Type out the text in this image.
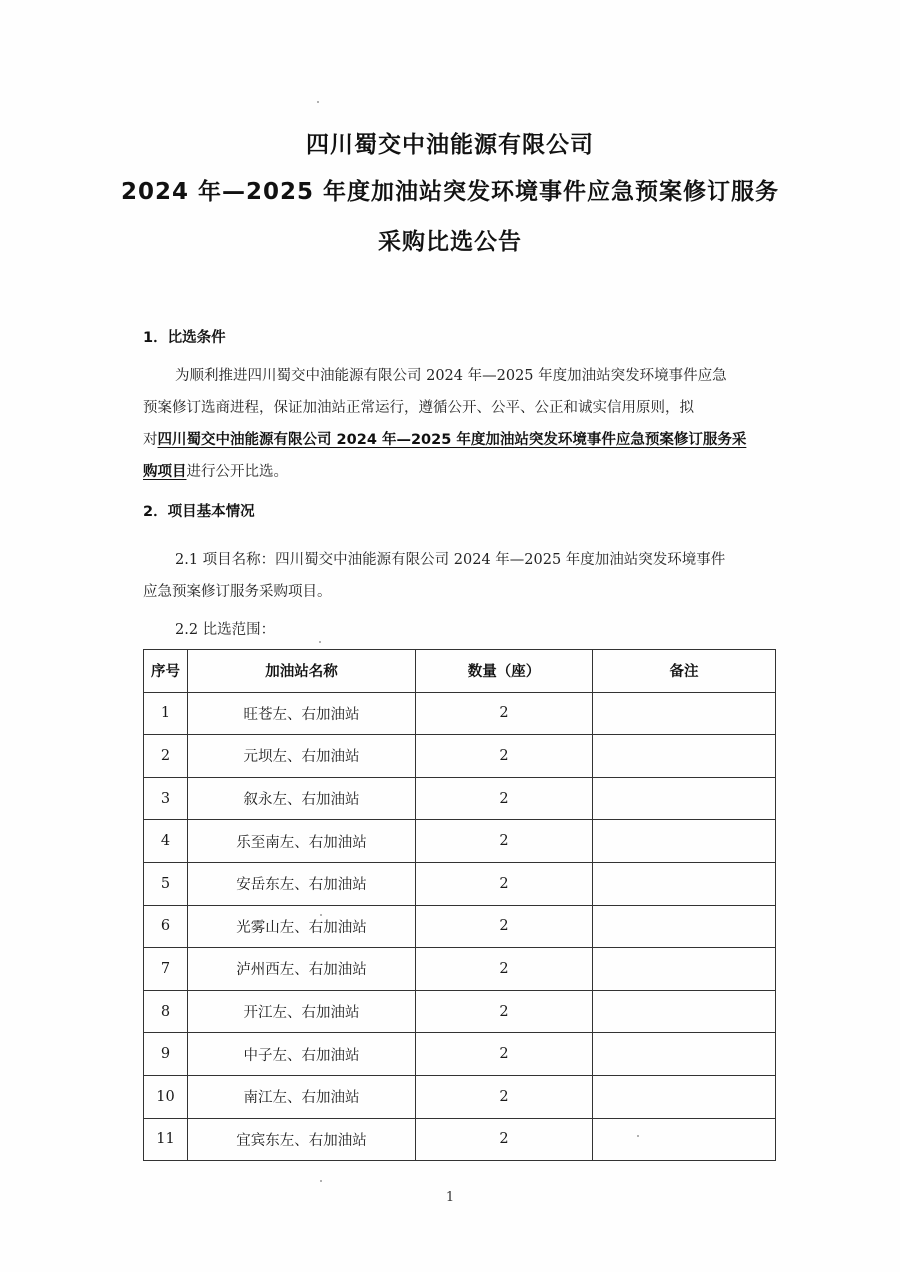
四川蜀交中油能源有限公司
2024 年—2025 年度加油站突发环境事件应急预案修订服务
采购比选公告
1．比选条件
为顺利推进四川蜀交中油能源有限公司 2024 年—2025 年度加油站突发环境事件应急
预案修订选商进程，保证加油站正常运行，遵循公开、公平、公正和诚实信用原则，拟
对四川蜀交中油能源有限公司 2024 年—2025 年度加油站突发环境事件应急预案修订服务采
购项目进行公开比选。
2．项目基本情况
2.1 项目名称：四川蜀交中油能源有限公司 2024 年—2025 年度加油站突发环境事件
应急预案修订服务采购项目。
2.2 比选范围：
序号	加油站名称	数量（座）	备注
1	旺苍左、右加油站	2	
2	元坝左、右加油站	2	
3	叙永左、右加油站	2	
4	乐至南左、右加油站	2	
5	安岳东左、右加油站	2	
6	光雾山左、右加油站	2	
7	泸州西左、右加油站	2	
8	开江左、右加油站	2	
9	中子左、右加油站	2	
10	南江左、右加油站	2	
11	宜宾东左、右加油站	2	
1
